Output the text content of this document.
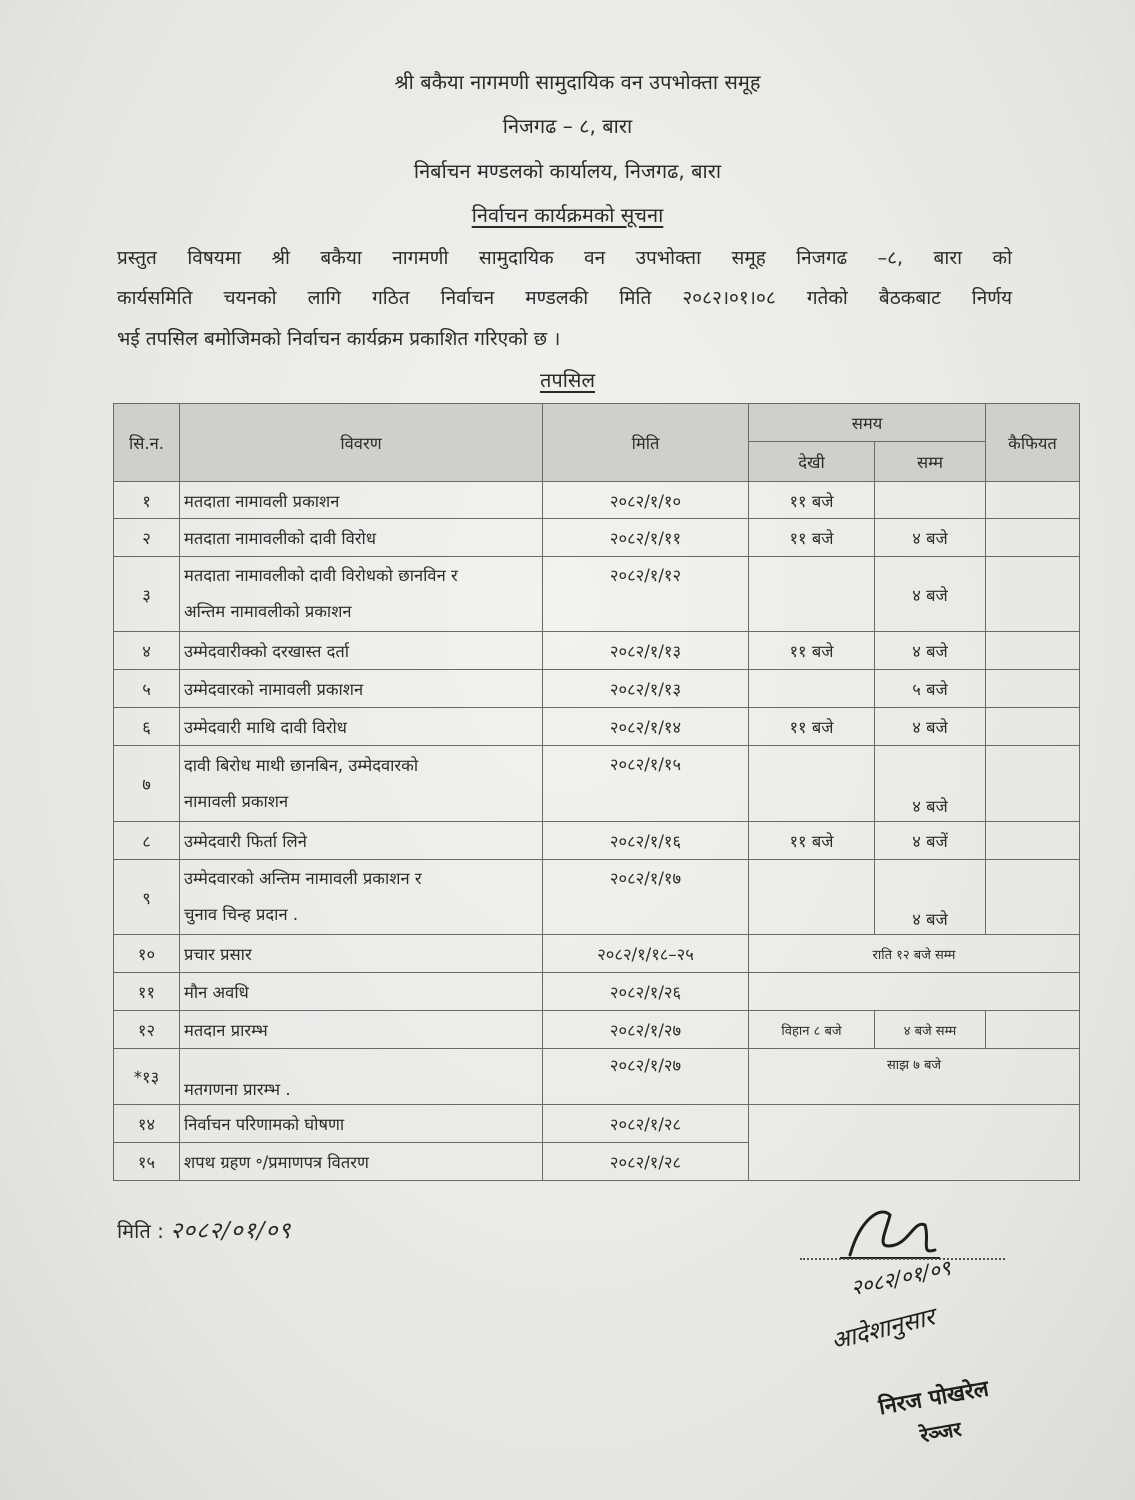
श्री बकैया नागमणी सामुदायिक वन उपभोक्ता समूह
निजगढ – ८, बारा
निर्बाचन मण्डलको कार्यालय, निजगढ, बारा
निर्वाचन कार्यक्रमको सूचना
प्रस्तुत विषयमा श्री बकैया नागमणी सामुदायिक वन उपभोक्ता समूह निजगढ –८, बारा को
कार्यसमिति चयनको लागि गठित निर्वाचन मण्डलकी मिति २०८२।०१।०८ गतेको बैठकबाट निर्णय
भई तपसिल बमोजिमको निर्वाचन कार्यक्रम प्रकाशित गरिएको छ ।
तपसिल
सि.न.	विवरण	मिति	समय		कैफियत
			देखी	सम्म	
१	मतदाता नामावली प्रकाशन	२०८२/१/१०	११ बजे		
२	मतदाता नामावलीको दावी विरोध	२०८२/१/११	११ बजे	४ बजे	
३	मतदाता नामावलीको दावी विरोधको छानविन र
अन्तिम नामावलीको प्रकाशन	२०८२/१/१२		४ बजे	
४	उम्मेदवारीक्को दरखास्त दर्ता	२०८२/१/१३	११ बजे	४ बजे	
५	उम्मेदवारको नामावली प्रकाशन	२०८२/१/१३		५ बजे	
६	उम्मेदवारी माथि दावी विरोध	२०८२/१/१४	११ बजे	४ बजे	
७	दावी बिरोध माथी छानबिन, उम्मेदवारको
नामावली प्रकाशन	२०८२/१/१५		४ बजे	
८	उम्मेदवारी फिर्ता लिने	२०८२/१/१६	११ बजे	४ बजें	
९	उम्मेदवारको अन्तिम नामावली प्रकाशन र
चुनाव चिन्ह प्रदान .	२०८२/१/१७		४ बजे	
१०	प्रचार प्रसार	२०८२/१/१८–२५	राति १२ बजे सम्म		
११	मौन अवधि	२०८२/१/२६			
१२	मतदान प्रारम्भ	२०८२/१/२७	विहान ८ बजे	४ बजे सम्म	
*१३	मतगणना प्रारम्भ .	२०८२/१/२७	साझ ७ बजे		
१४	निर्वाचन परिणामको घोषणा	२०८२/१/२८			
१५	शपथ ग्रहण ॰/प्रमाणपत्र वितरण	२०८२/१/२८			
मिति : २०८२/०१/०९
२०८२/०१/०९
आदेशानुसार
निरज पोखरेल
रेञ्जर
